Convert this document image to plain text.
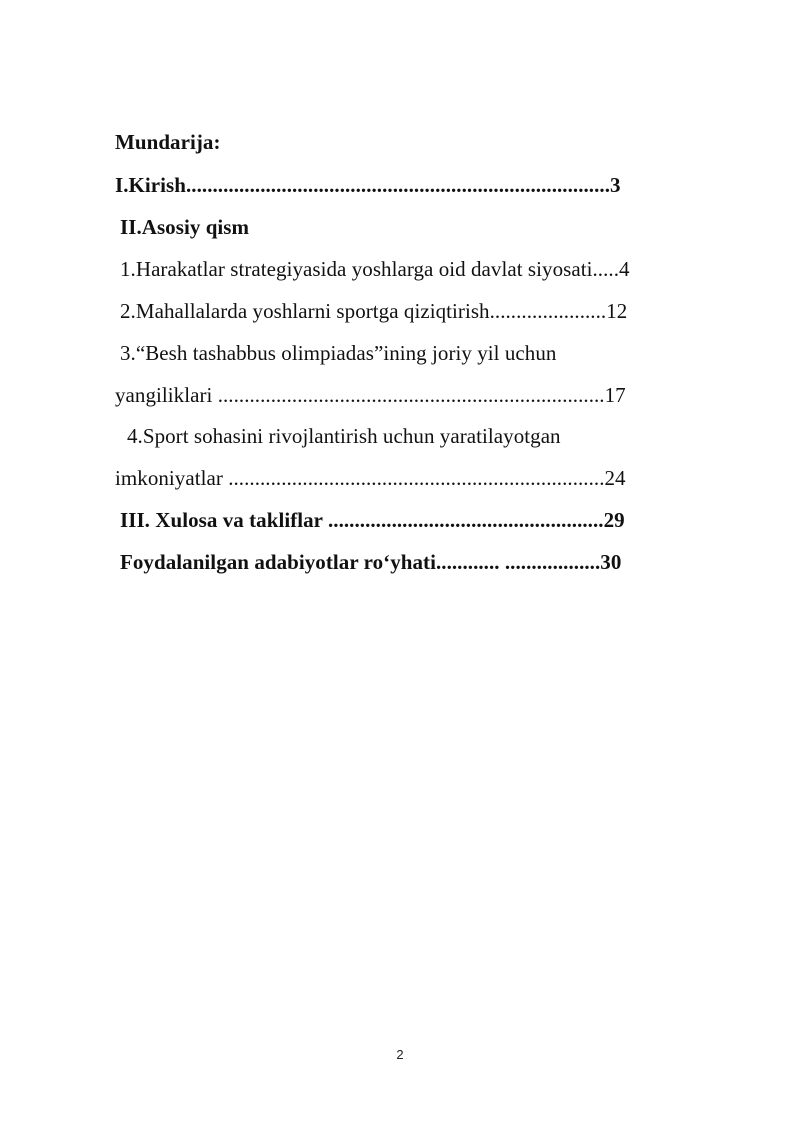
Mundarija:
I.Kirish................................................................................3
II.Asosiy qism
1.Harakatlar strategiyasida yoshlarga oid davlat siyosati.....4
2.Mahallalarda yoshlarni sportga qiziqtirish......................12
3.“Besh tashabbus olimpiadas”ining joriy yil uchun
yangiliklari .........................................................................17
4.Sport sohasini rivojlantirish uchun yaratilayotgan
imkoniyatlar .......................................................................24
III. Xulosa va takliflar ....................................................29
Foydalanilgan adabiyotlar ro‘yhati............ ..................30
2
